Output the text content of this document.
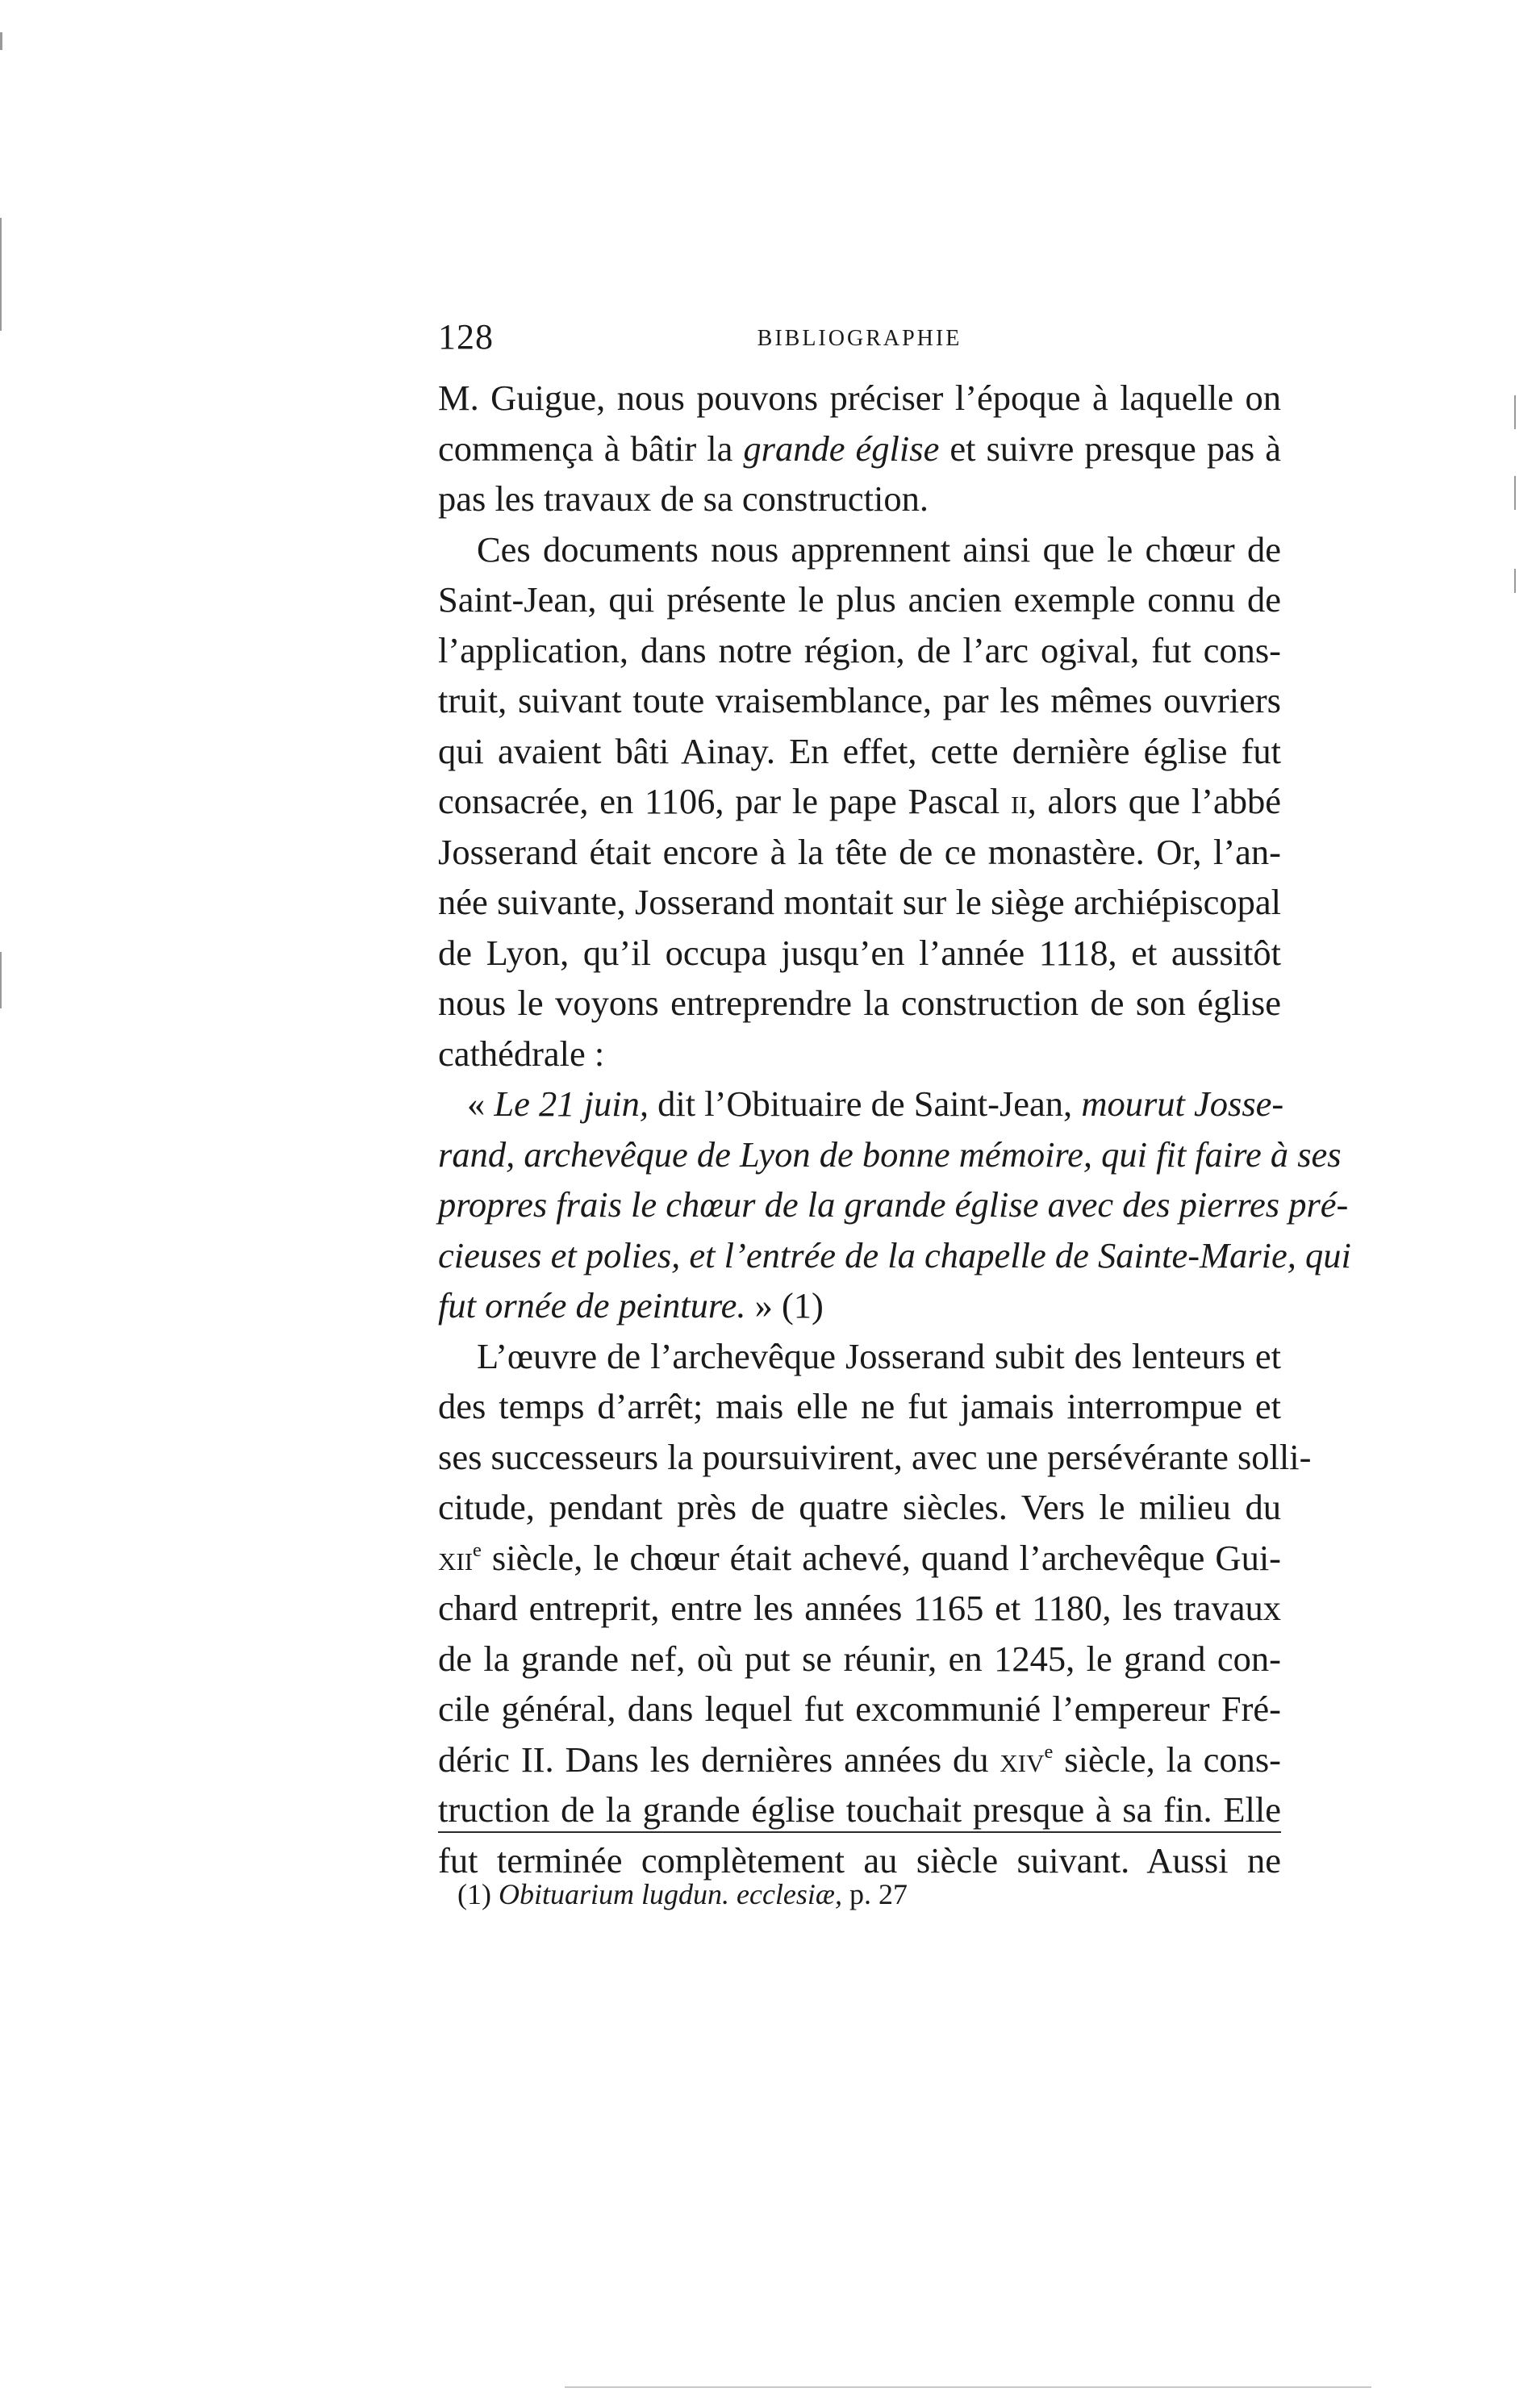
128	BIBLIOGRAPHIE
M. Guigue, nous pouvons préciser l’époque à laquelle on
commença à bâtir la grande église et suivre presque pas à
pas les travaux de sa construction.
Ces documents nous apprennent ainsi que le chœur de
Saint-Jean, qui présente le plus ancien exemple connu de
l’application, dans notre région, de l’arc ogival, fut cons-
truit, suivant toute vraisemblance, par les mêmes ouvriers
qui avaient bâti Ainay. En effet, cette dernière église fut
consacrée, en 1106, par le pape Pascal ii, alors que l’abbé
Josserand était encore à la tête de ce monastère. Or, l’an-
née suivante, Josserand montait sur le siège archiépiscopal
de Lyon, qu’il occupa jusqu’en l’année 1118, et aussitôt
nous le voyons entreprendre la construction de son église
cathédrale :
« Le 21 juin, dit l’Obituaire de Saint-Jean, mourut Josse-
rand, archevêque de Lyon de bonne mémoire, qui fit faire à ses
propres frais le chœur de la grande église avec des pierres pré-
cieuses et polies, et l’entrée de la chapelle de Sainte-Marie, qui
fut ornée de peinture. » (1)
L’œuvre de l’archevêque Josserand subit des lenteurs et
des temps d’arrêt; mais elle ne fut jamais interrompue et
ses successeurs la poursuivirent, avec une persévérante solli-
citude, pendant près de quatre siècles. Vers le milieu du
xii$^e$ siècle, le chœur était achevé, quand l’archevêque Gui-
chard entreprit, entre les années 1165 et 1180, les travaux
de la grande nef, où put se réunir, en 1245, le grand con-
cile général, dans lequel fut excommunié l’empereur Fré-
déric II. Dans les dernières années du xiv$^e$ siècle, la cons-
truction de la grande église touchait presque à sa fin. Elle
fut terminée complètement au siècle suivant. Aussi ne
(1) Obituarium lugdun. ecclesiæ, p. 27
